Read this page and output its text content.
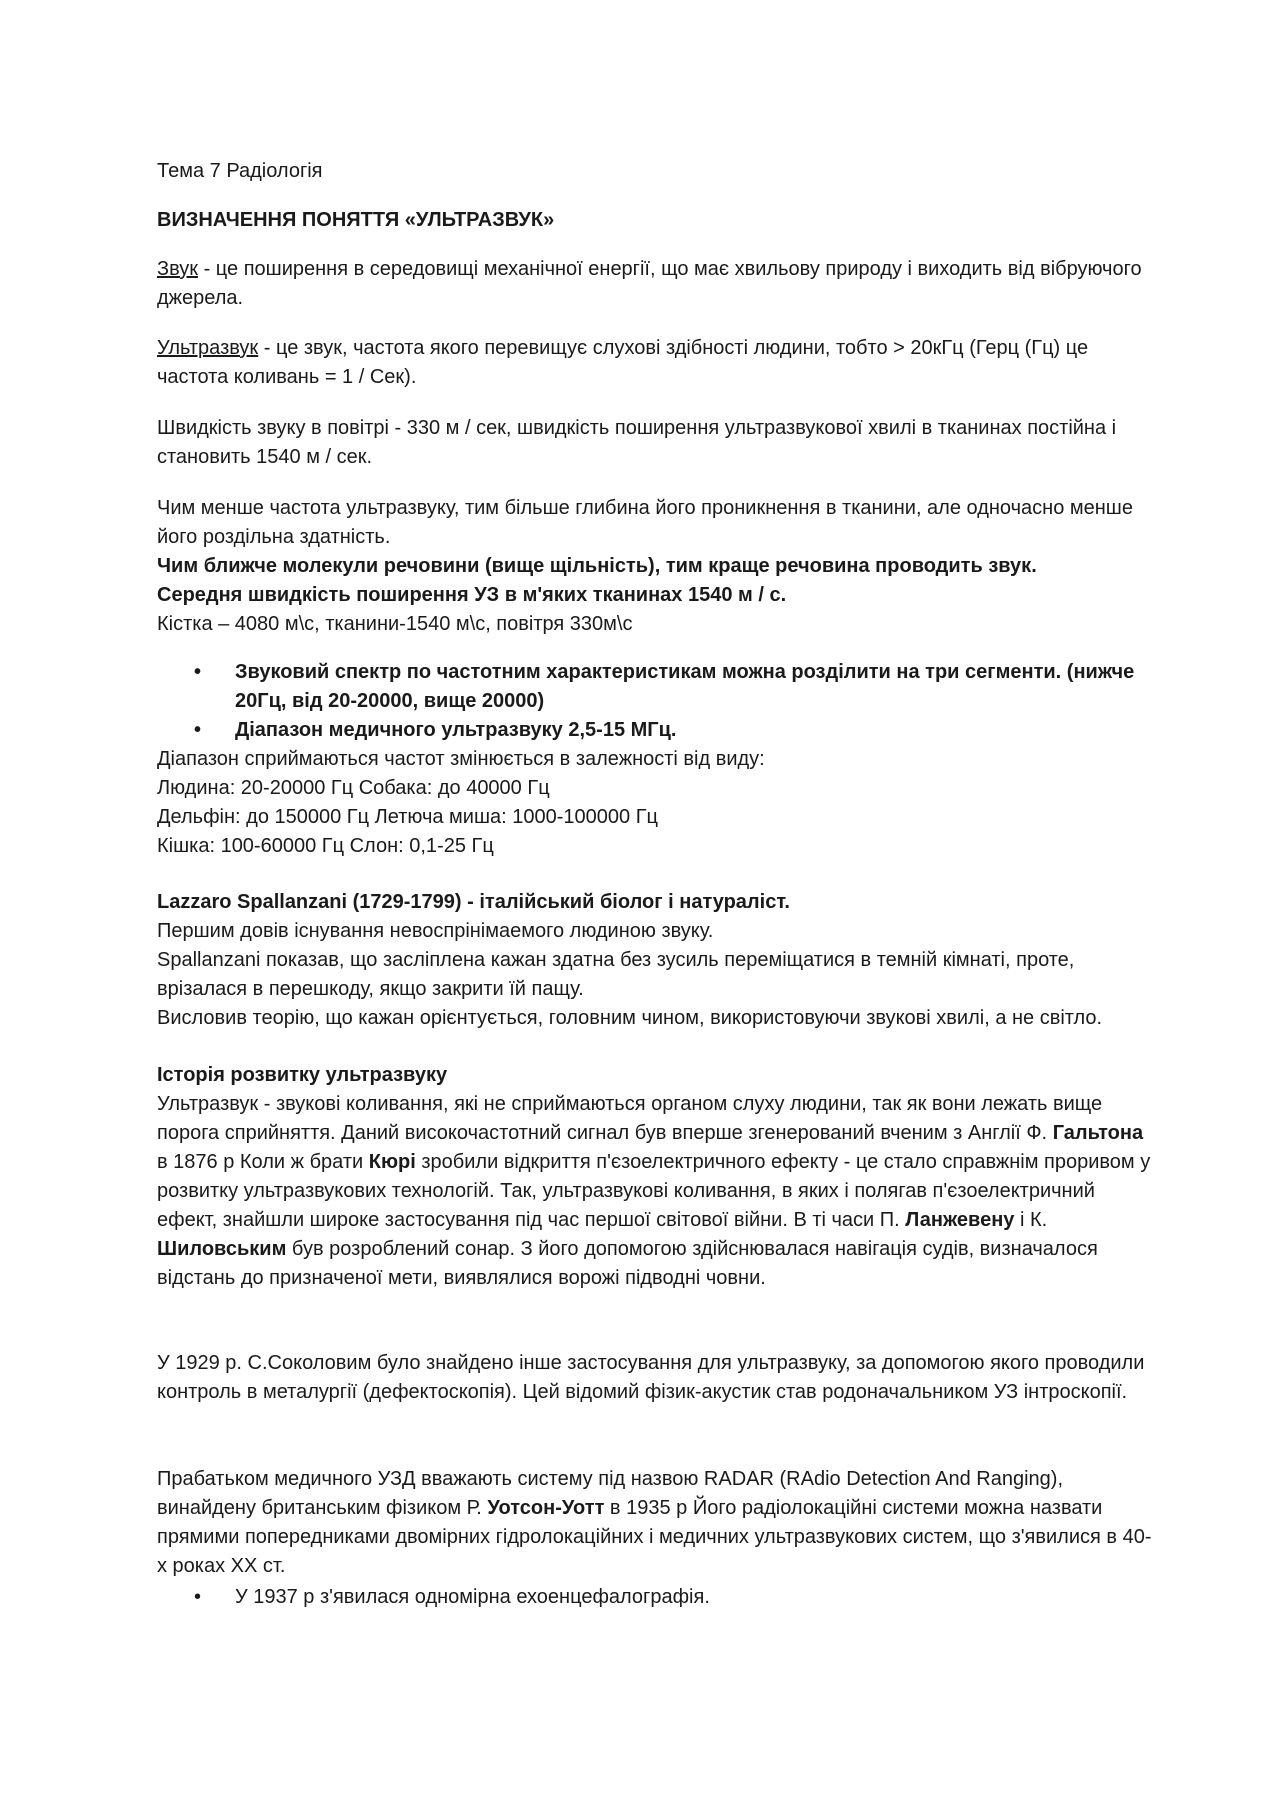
Тема 7 Радіологія

ВИЗНАЧЕННЯ ПОНЯТТЯ «УЛЬТРАЗВУК»

Звук - це поширення в середовищі механічної енергії, що має хвильову природу і виходить від вібруючого джерела.

Ультразвук - це звук, частота якого перевищує слухові здібності людини, тобто > 20кГц (Герц (Гц) це частота коливань = 1 / Сек).

Швидкість звуку в повітрі - 330 м / сек, швидкість поширення ультразвукової хвилі в тканинах постійна і становить 1540 м / сек.

Чим менше частота ультразвуку, тим більше глибина його проникнення в тканини, але одночасно менше його роздільна здатність.

Чим ближче молекули речовини (вище щільність), тим краще речовина проводить звук.

Середня швидкість поширення УЗ в м'яких тканинах 1540 м / с.

Кістка – 4080 м\с, тканини-1540 м\с, повітря 330м\с

• Звуковий спектр по частотним характеристикам можна розділити на три сегменти. (нижче 20Гц, від 20-20000, вище 20000)

• Діапазон медичного ультразвуку 2,5-15 МГц.

Діапазон сприймаються частот змінюється в залежності від виду:

Людина: 20-20000 Гц Собака: до 40000 Гц

Дельфін: до 150000 Гц Летюча миша: 1000-100000 Гц

Кішка: 100-60000 Гц Слон: 0,1-25 Гц

Lazzaro Spallanzani (1729-1799) - італійський біолог і натураліст.

Першим довів існування невоспрінімаемого людиною звуку.

Spallanzani показав, що засліплена кажан здатна без зусиль переміщатися в темній кімнаті, проте, врізалася в перешкоду, якщо закрити їй пащу.

Висловив теорію, що кажан орієнтується, головним чином, використовуючи звукові хвилі, а не світло.

Історія розвитку ультразвуку

Ультразвук - звукові коливання, які не сприймаються органом слуху людини, так як вони лежать вище порога сприйняття. Даний високочастотний сигнал був вперше згенерований вченим з Англії Ф. Гальтона в 1876 р Коли ж брати Кюрі зробили відкриття п'єзоелектричного ефекту - це стало справжнім проривом у розвитку ультразвукових технологій. Так, ультразвукові коливання, в яких і полягав п'єзоелектричний ефект, знайшли широке застосування під час першої світової війни. В ті часи П. Ланжевену і К. Шиловським був розроблений сонар. З його допомогою здійснювалася навігація судів, визначалося відстань до призначеної мети, виявлялися ворожі підводні човни.

У 1929 р. С.Соколовим було знайдено інше застосування для ультразвуку, за допомогою якого проводили контроль в металургії (дефектоскопія). Цей відомий фізик-акустик став родоначальником УЗ інтроскопії.

Прабатьком медичного УЗД вважають систему під назвою RADAR (RAdio Detection And Ranging), винайдену британським фізиком Р. Уотсон-Уотт в 1935 р Його радіолокаційні системи можна назвати прямими попередниками двомірних гідролокаційних і медичних ультразвукових систем, що з'явилися в 40-х роках XX ст.

• У 1937 р з'явилася одномірна ехоенцефалографія.
